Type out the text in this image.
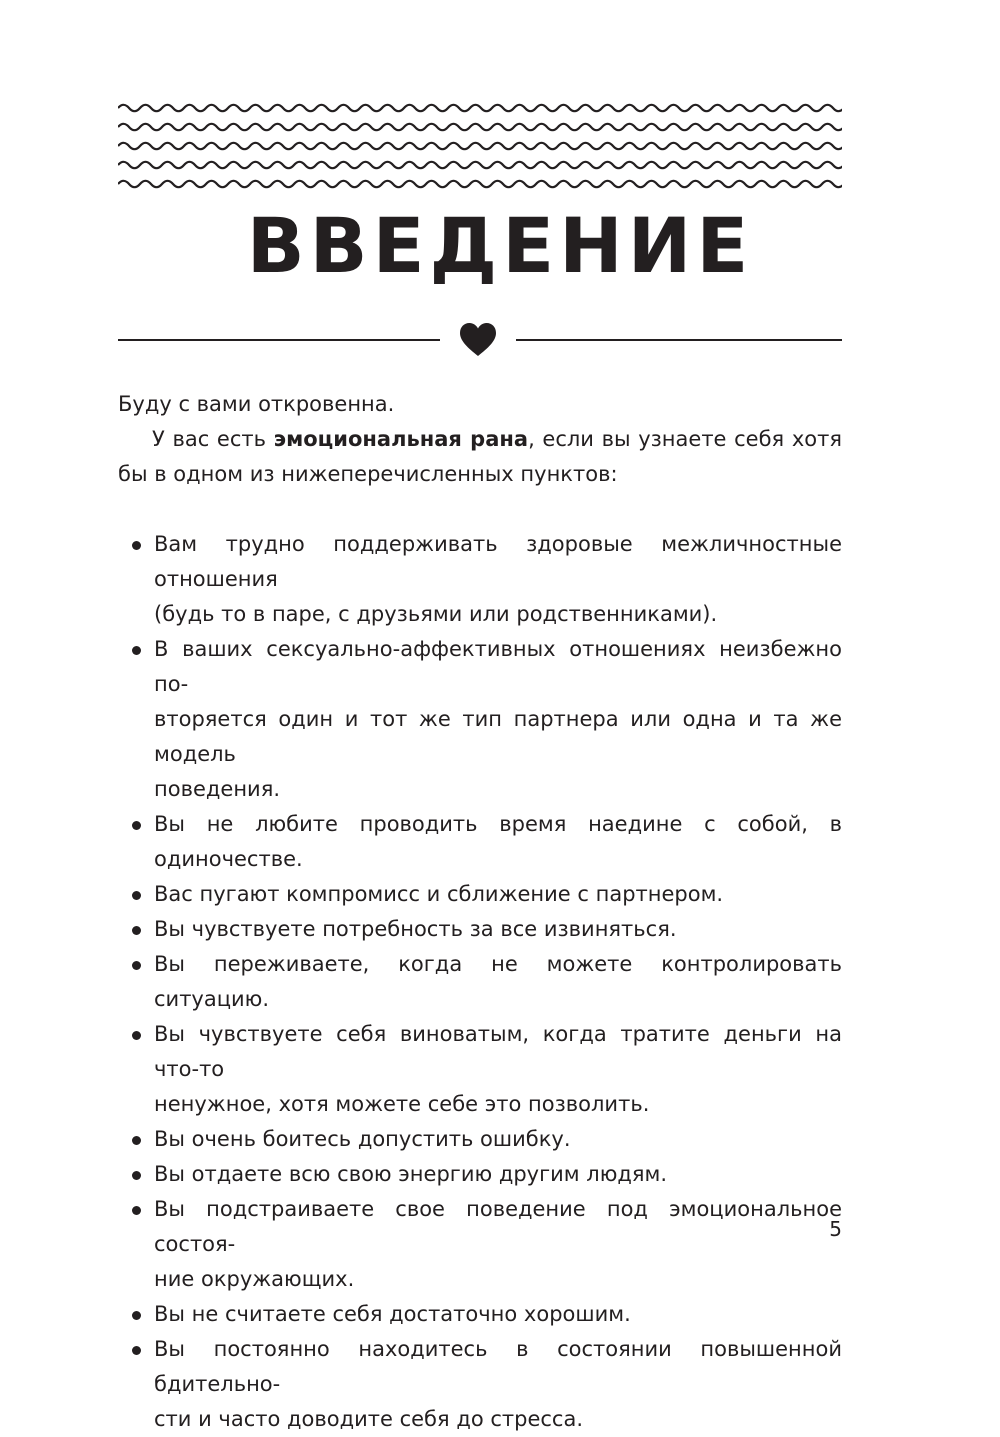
ВВЕДЕНИЕ
Буду с вами откровенна.
У вас есть эмоциональная рана, если вы узнаете себя хотя бы в одном из нижеперечисленных пунктов:
Вам трудно поддерживать здоровые межличностные отношения
(будь то в паре, с друзьями или родственниками).
В ваших сексуально-аффективных отношениях неизбежно по-
вторяется один и тот же тип партнера или одна и та же модель
поведения.
Вы не любите проводить время наедине с собой, в одиночестве.
Вас пугают компромисс и сближение с партнером.
Вы чувствуете потребность за все извиняться.
Вы переживаете, когда не можете контролировать ситуацию.
Вы чувствуете себя виноватым, когда тратите деньги на что-то
ненужное, хотя можете себе это позволить.
Вы очень боитесь допустить ошибку.
Вы отдаете всю свою энергию другим людям.
Вы подстраиваете свое поведение под эмоциональное состоя-
ние окружающих.
Вы не считаете себя достаточно хорошим.
Вы постоянно находитесь в состоянии повышенной бдительно-
сти и часто доводите себя до стресса.
5
